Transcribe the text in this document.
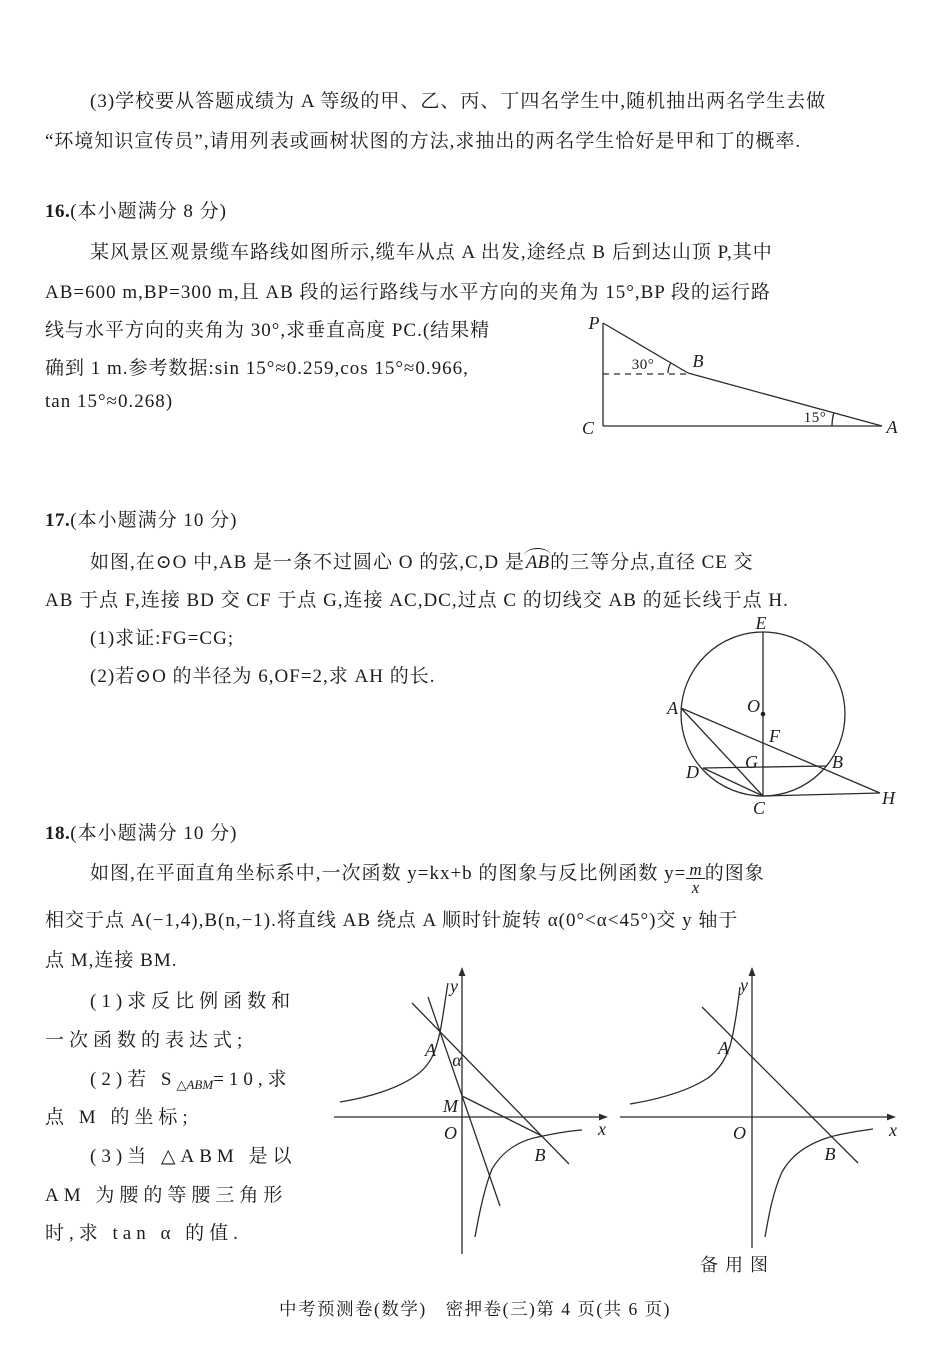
(3)学校要从答题成绩为 A 等级的甲、乙、丙、丁四名学生中,随机抽出两名学生去做
“环境知识宣传员”,请用列表或画树状图的方法,求抽出的两名学生恰好是甲和丁的概率.
16.(本小题满分 8 分)
某风景区观景缆车路线如图所示,缆车从点 A 出发,途经点 B 后到达山顶 P,其中
AB=600 m,BP=300 m,且 AB 段的运行路线与水平方向的夹角为 15°,BP 段的运行路
线与水平方向的夹角为 30°,求垂直高度 PC.(结果精
确到 1 m.参考数据:sin 15°≈0.259,cos 15°≈0.966,
tan 15°≈0.268)
P
C	A
B
30°
15°
17.(本小题满分 10 分)
如图,在⊙O 中,AB 是一条不过圆心 O 的弦,C,D 是AB的三等分点,直径 CE 交
AB 于点 F,连接 BD 交 CF 于点 G,连接 AC,DC,过点 C 的切线交 AB 的延长线于点 H.
(1)求证:FG=CG;
(2)若⊙O 的半径为 6,OF=2,求 AH 的长.
E
O
F
G
A
D	B
C	H
18.(本小题满分 10 分)
如图,在平面直角坐标系中,一次函数 y=kx+b 的图象与反比例函数 $y= \frac{m}{x}$ 的图象
相交于点 A(−1,4),B(n,−1).将直线 AB 绕点 A 顺时针旋转 α(0°<α<45°)交 y 轴于
点 M,连接 BM.
(1)求反比例函数和
一次函数的表达式;
(2)若 $S_{\triangle ABM}=10$,求
点 M 的坐标;
(3)当 △ABM 是以
AM 为腰的等腰三角形
时,求 tan α 的值.
y
x
O
A α
M
B
y
x
O
A
B
备用图
中考预测卷(数学)　密押卷(三)第 4 页(共 6 页)
